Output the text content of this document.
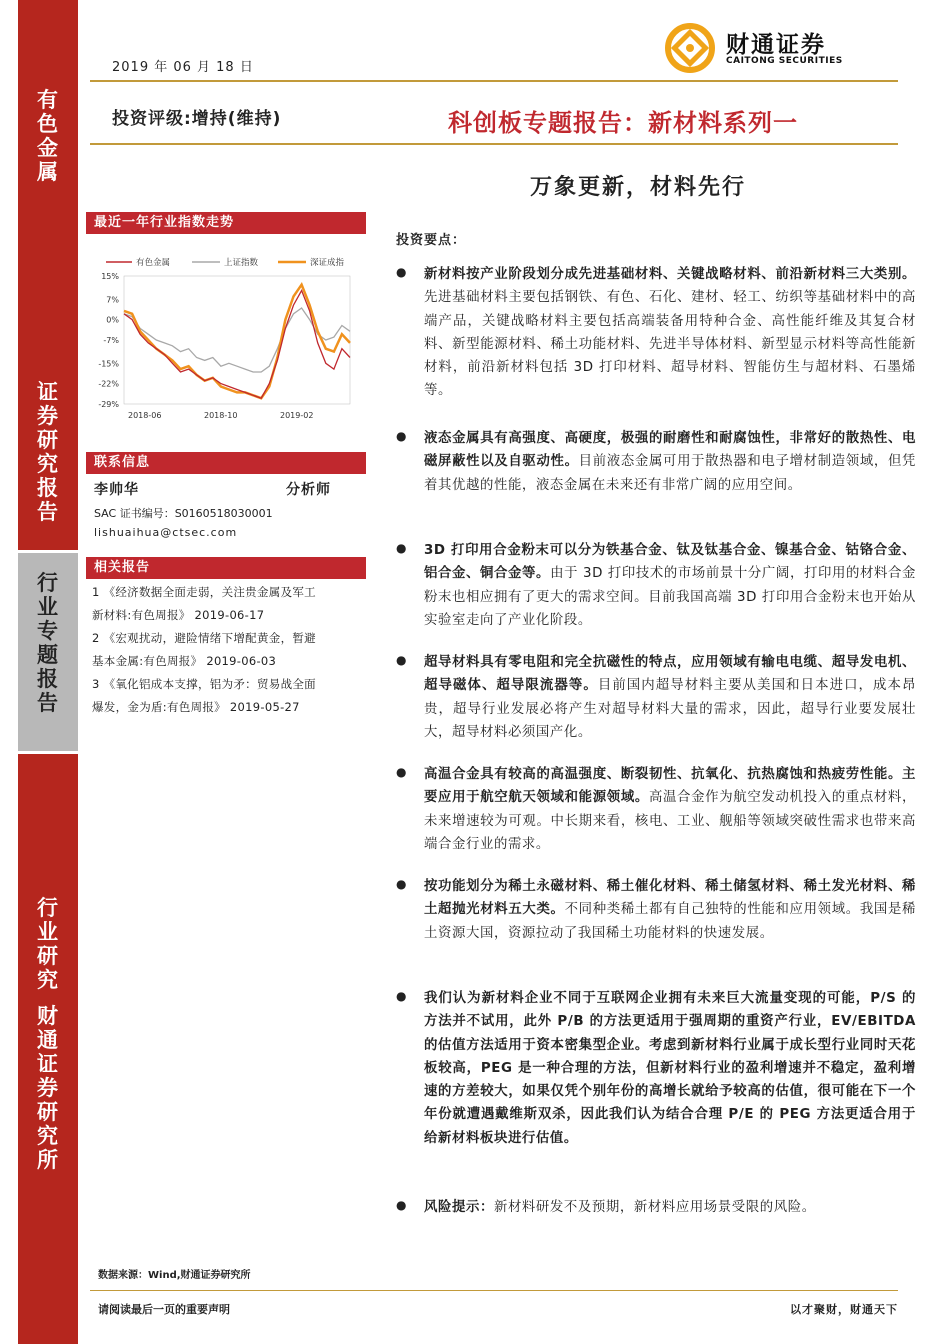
有
色
金
属
证
券
研
究
报
告
行
业
专
题
报
告
行
业
研
究
财
通
证
券
研
究
所
2019 年 06 月 18 日
财通证券
CAITONG SECURITIES
投资评级:增持(维持)	科创板专题报告：新材料系列一
万象更新，材料先行
最近一年行业指数走势
有色金属	上证指数	深证成指
15%
7%
0%
-7%
-15%
-22%
-29%
2018-06	2018-10	2019-02
联系信息
李帅华	分析师
SAC 证书编号：S0160518030001
lishuaihua@ctsec.com
相关报告
1 《经济数据全面走弱，关注贵金属及军工
新材料:有色周报》 2019-06-17
2 《宏观扰动，避险情绪下增配黄金，暂避
基本金属:有色周报》 2019-06-03
3 《氧化铝成本支撑，铝为矛：贸易战全面
爆发，金为盾:有色周报》 2019-05-27
投资要点：
● 新材料按产业阶段划分成先进基础材料、关键战略材料、前沿新材料三大类别。先进基础材料主要包括钢铁、有色、石化、建材、轻工、纺织等基础材料中的高端产品，关键战略材料主要包括高端装备用特种合金、高性能纤维及其复合材料、新型能源材料、稀土功能材料、先进半导体材料、新型显示材料等高性能新材料，前沿新材料包括 3D 打印材料、超导材料、智能仿生与超材料、石墨烯等。
● 液态金属具有高强度、高硬度，极强的耐磨性和耐腐蚀性，非常好的散热性、电磁屏蔽性以及自驱动性。目前液态金属可用于散热器和电子增材制造领域，但凭着其优越的性能，液态金属在未来还有非常广阔的应用空间。
● 3D 打印用合金粉末可以分为铁基合金、钛及钛基合金、镍基合金、钴铬合金、铝合金、铜合金等。由于 3D 打印技术的市场前景十分广阔，打印用的材料合金粉末也相应拥有了更大的需求空间。目前我国高端 3D 打印用合金粉末也开始从实验室走向了产业化阶段。
● 超导材料具有零电阻和完全抗磁性的特点，应用领域有输电电缆、超导发电机、超导磁体、超导限流器等。目前国内超导材料主要从美国和日本进口，成本昂贵，超导行业发展必将产生对超导材料大量的需求，因此，超导行业要发展壮大，超导材料必须国产化。
● 高温合金具有较高的高温强度、断裂韧性、抗氧化、抗热腐蚀和热疲劳性能。主要应用于航空航天领域和能源领域。高温合金作为航空发动机投入的重点材料，未来增速较为可观。中长期来看，核电、工业、舰船等领域突破性需求也带来高端合金行业的需求。
● 按功能划分为稀土永磁材料、稀土催化材料、稀土储氢材料、稀土发光材料、稀土超抛光材料五大类。不同种类稀土都有自己独特的性能和应用领域。我国是稀土资源大国，资源拉动了我国稀土功能材料的快速发展。
● 我们认为新材料企业不同于互联网企业拥有未来巨大流量变现的可能，P/S 的方法并不试用，此外 P/B 的方法更适用于强周期的重资产行业，EV/EBITDA 的估值方法适用于资本密集型企业。考虑到新材料行业属于成长型行业同时天花板较高，PEG 是一种合理的方法，但新材料行业的盈利增速并不稳定，盈利增速的方差较大，如果仅凭个别年份的高增长就给予较高的估值，很可能在下一个年份就遭遇戴维斯双杀，因此我们认为结合合理 P/E 的 PEG 方法更适合用于给新材料板块进行估值。
● 风险提示：新材料研发不及预期，新材料应用场景受限的风险。
数据来源：Wind,财通证券研究所
请阅读最后一页的重要声明	以才聚财，财通天下
